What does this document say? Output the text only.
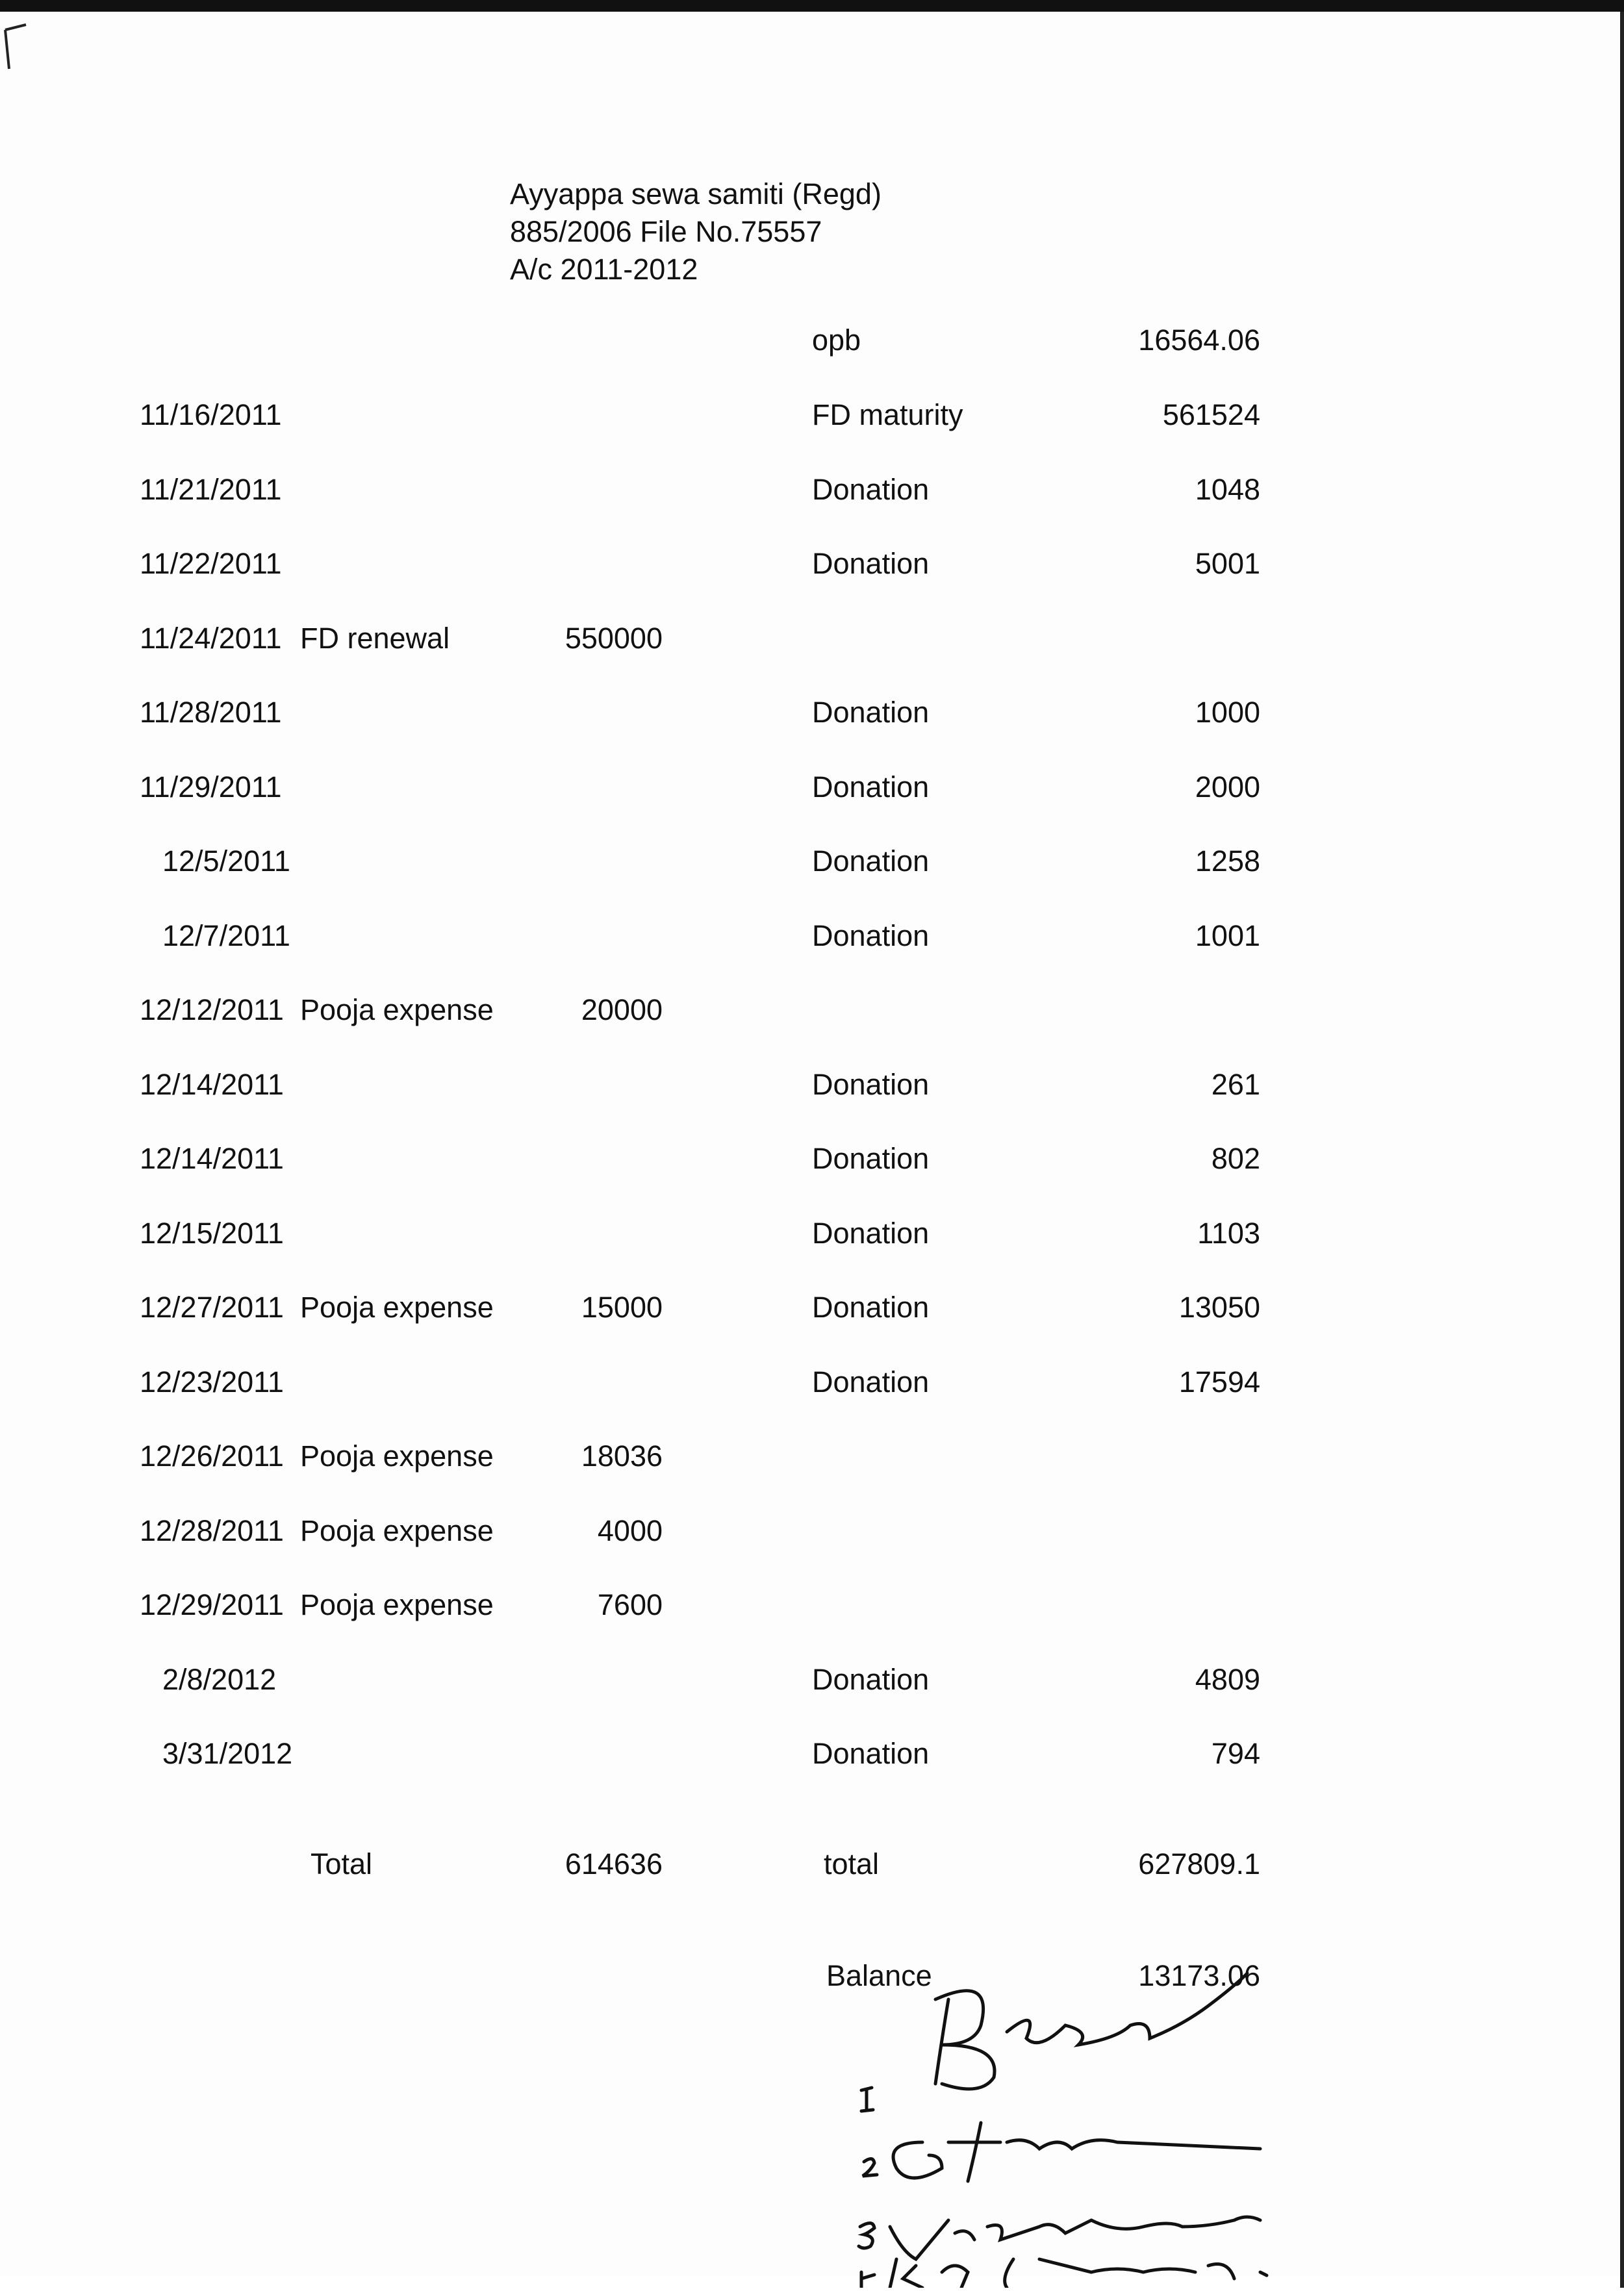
Ayyappa sewa samiti (Regd)
885/2006 File No.75557
A/c 2011-2012
opb	16564.06
11/16/2011	FD maturity	561524
11/21/2011	Donation	1048
11/22/2011	Donation	5001
11/24/2011 FD renewal	550000
11/28/2011	Donation	1000
11/29/2011	Donation	2000
12/5/2011	Donation	1258
12/7/2011	Donation	1001
12/12/2011 Pooja expense	20000
12/14/2011	Donation	261
12/14/2011	Donation	802
12/15/2011	Donation	1103
12/27/2011 Pooja expense	15000	Donation	13050
12/23/2011	Donation	17594
12/26/2011 Pooja expense	18036
12/28/2011 Pooja expense	4000
12/29/2011 Pooja expense	7600
2/8/2012	Donation	4809
3/31/2012	Donation	794
Total	614636	total	627809.1
Balance	13173.06
